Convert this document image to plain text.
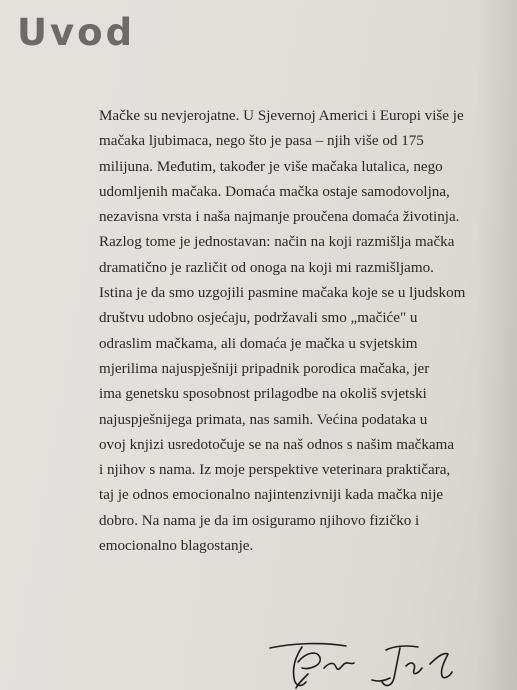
Uvod
Mačke su nevjerojatne. U Sjevernoj Americi i Europi više je
mačaka ljubimaca, nego što je pasa – njih više od 175
milijuna. Međutim, također je više mačaka lutalica, nego
udomljenih mačaka. Domaća mačka ostaje samodovoljna,
nezavisna vrsta i naša najmanje proučena domaća životinja.
Razlog tome je jednostavan: način na koji razmišlja mačka
dramatično je različit od onoga na koji mi razmišljamo.
Istina je da smo uzgojili pasmine mačaka koje se u ljudskom
društvu udobno osjećaju, podržavali smo „mačiće" u
odraslim mačkama, ali domaća je mačka u svjetskim
mjerilima najuspješniji pripadnik porodica mačaka, jer
ima genetsku sposobnost prilagodbe na okoliš svjetski
najuspješnijega primata, nas samih. Većina podataka u
ovoj knjizi usredotočuje se na naš odnos s našim mačkama
i njihov s nama. Iz moje perspektive veterinara praktičara,
taj je odnos emocionalno najintenzivniji kada mačka nije
dobro. Na nama je da im osiguramo njihovo fizičko i
emocionalno blagostanje.
